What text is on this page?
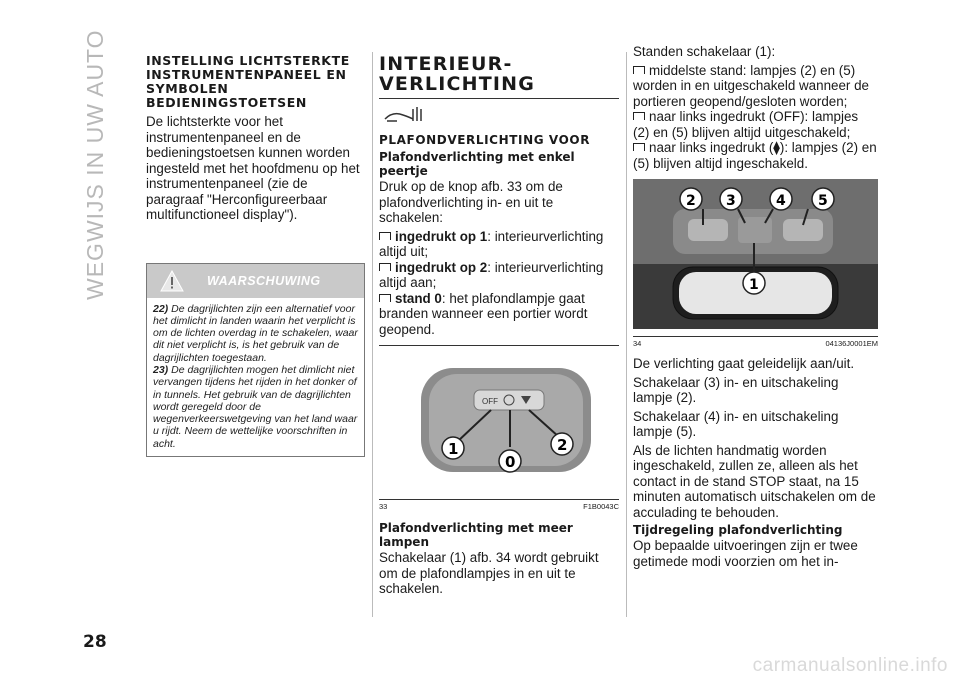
WEGWIJS IN UW AUTO
28
INSTELLING LICHTSTERKTE INSTRUMENTENPANEEL EN SYMBOLEN BEDIENINGSTOETSEN

De lichtsterkte voor het instrumentenpaneel en de bedieningstoetsen kunnen worden ingesteld met het hoofdmenu op het instrumentenpaneel (zie de paragraaf "Herconfigureerbaar multifunctioneel display").

WAARSCHUWING
22) De dagrijlichten zijn een alternatief voor het dimlicht in landen waarin het verplicht is om de lichten overdag in te schakelen, waar dit niet verplicht is, is het gebruik van de dagrijlichten toegestaan.
23) De dagrijlichten mogen het dimlicht niet vervangen tijdens het rijden in het donker of in tunnels. Het gebruik van de dagrijlichten wordt geregeld door de wegenverkeerswetgeving van het land waar u rijdt. Neem de wettelijke voorschriften in acht.
INTERIEUR-VERLICHTING
PLAFONDVERLICHTING VOOR
Plafondverlichting met enkel peertje

Druk op de knop afb. 33 om de plafondverlichting in- en uit te schakelen:

ingedrukt op 1: interieurverlichting altijd uit;
ingedrukt op 2: interieurverlichting altijd aan;
stand 0: het plafondlampje gaat branden wanneer een portier wordt geopend.
OFF
1	2
0
33	F1B0043C
Plafondverlichting met meer lampen

Schakelaar (1) afb. 34 wordt gebruikt om de plafondlampjes in en uit te schakelen.

Standen schakelaar (1):

middelste stand: lampjes (2) en (5) worden in en uitgeschakeld wanneer de portieren geopend/gesloten worden;
naar links ingedrukt (OFF): lampjes (2) en (5) blijven altijd uitgeschakeld;
naar links ingedrukt (⧫): lampjes (2) en (5) blijven altijd ingeschakeld.
2 3	4 5
1
34	04136J0001EM

De verlichting gaat geleidelijk aan/uit.

Schakelaar (3) in- en uitschakeling lampje (2).

Schakelaar (4) in- en uitschakeling lampje (5).

Als de lichten handmatig worden ingeschakeld, zullen ze, alleen als het contact in de stand STOP staat, na 15 minuten automatisch uitschakelen om de acculading te behouden.

Tijdregeling plafondverlichting

Op bepaalde uitvoeringen zijn er twee getimede modi voorzien om het in-

carmanualsonline.info
